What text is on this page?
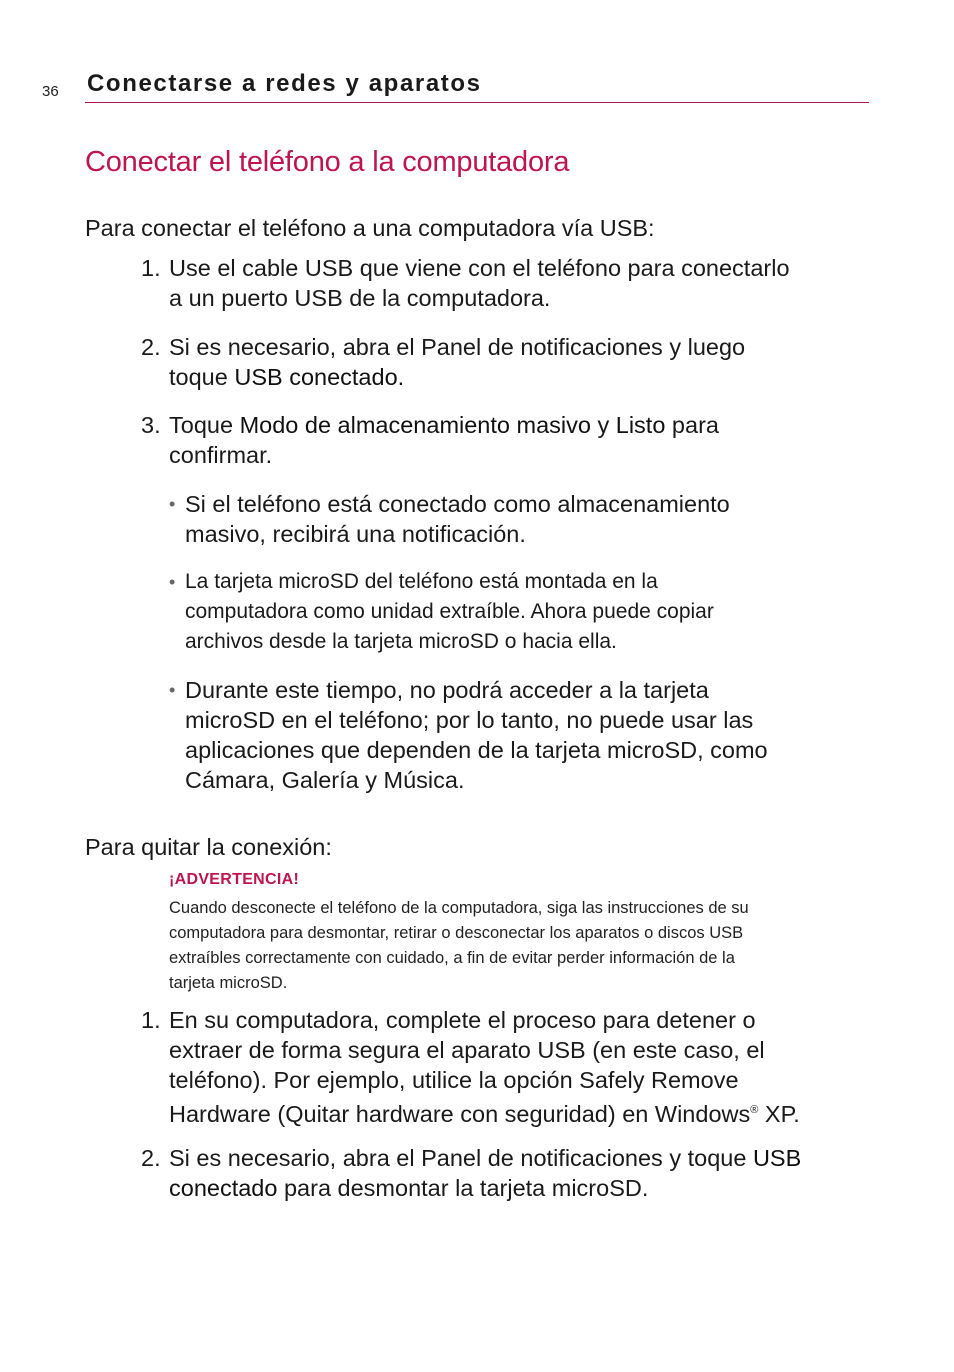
36 Conectarse a redes y aparatos
Conectar el teléfono a la computadora
Para conectar el teléfono a una computadora vía USB:
1. Use el cable USB que viene con el teléfono para conectarlo
a un puerto USB de la computadora.
2. Si es necesario, abra el Panel de notificaciones y luego
toque USB conectado.
3. Toque Modo de almacenamiento masivo y Listo para
confirmar.
• Si el teléfono está conectado como almacenamiento
masivo, recibirá una notificación.
• La tarjeta microSD del teléfono está montada en la
computadora como unidad extraíble. Ahora puede copiar
archivos desde la tarjeta microSD o hacia ella.
• Durante este tiempo, no podrá acceder a la tarjeta
microSD en el teléfono; por lo tanto, no puede usar las
aplicaciones que dependen de la tarjeta microSD, como
Cámara, Galería y Música.
Para quitar la conexión:
¡ADVERTENCIA!
Cuando desconecte el teléfono de la computadora, siga las instrucciones de su
computadora para desmontar, retirar o desconectar los aparatos o discos USB
extraíbles correctamente con cuidado, a fin de evitar perder información de la
tarjeta microSD.
1. En su computadora, complete el proceso para detener o
extraer de forma segura el aparato USB (en este caso, el
teléfono). Por ejemplo, utilice la opción Safely Remove
Hardware (Quitar hardware con seguridad) en Windows® XP.
2. Si es necesario, abra el Panel de notificaciones y toque USB
conectado para desmontar la tarjeta microSD.
